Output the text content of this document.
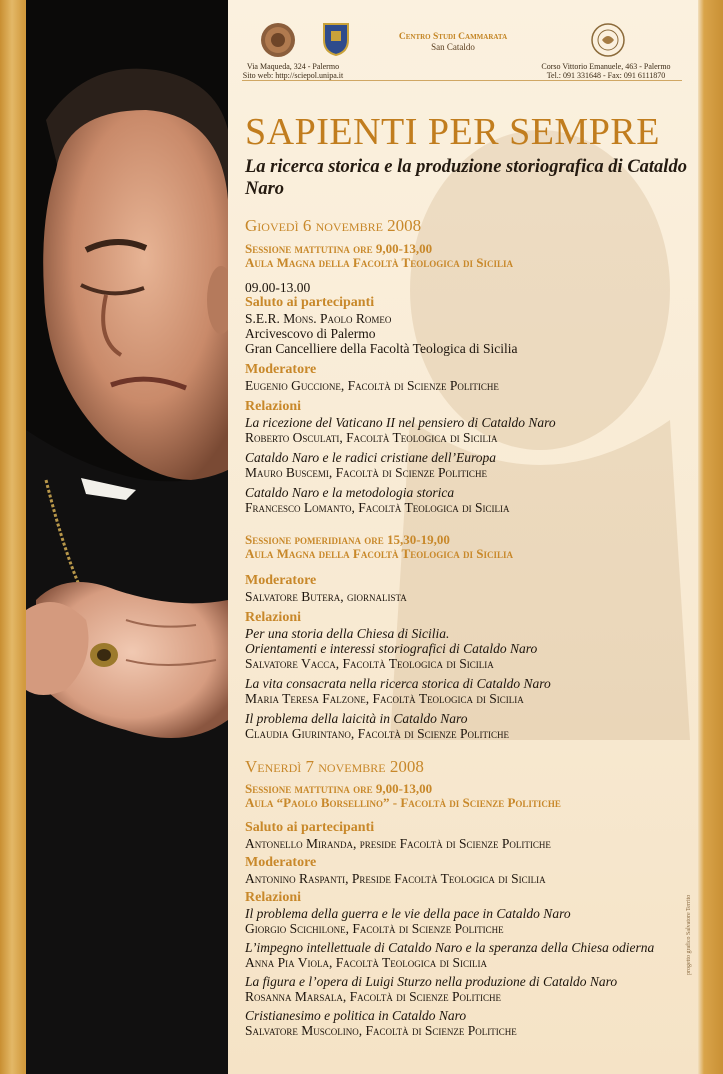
Via Maqueda, 324 - Palermo
Sito web: http://sciepol.unipa.it
Centro Studi Cammarata
San Cataldo
Corso Vittorio Emanuele, 463 - Palermo
Tel.: 091 331648 - Fax: 091 6111870
SAPIENTI PER SEMPRE
La ricerca storica e la produzione storiografica di Cataldo Naro
Giovedì 6 novembre 2008
Sessione mattutina ore 9,00-13,00
Aula Magna della Facoltà Teologica di Sicilia
09.00-13.00
Saluto ai partecipanti
S.E.R. Mons. Paolo Romeo
Arcivescovo di Palermo
Gran Cancelliere della Facoltà Teologica di Sicilia
Moderatore
Eugenio Guccione, Facoltà di Scienze Politiche
Relazioni
La ricezione del Vaticano II nel pensiero di Cataldo Naro
Roberto Osculati, Facoltà Teologica di Sicilia
Cataldo Naro e le radici cristiane dell’Europa
Mauro Buscemi, Facoltà di Scienze Politiche
Cataldo Naro e la metodologia storica
Francesco Lomanto, Facoltà Teologica di Sicilia
Sessione pomeridiana ore 15,30-19,00
Aula Magna della Facoltà Teologica di Sicilia
Moderatore
Salvatore Butera, giornalista
Relazioni
Per una storia della Chiesa di Sicilia.
Orientamenti e interessi storiografici di Cataldo Naro
Salvatore Vacca, Facoltà Teologica di Sicilia
La vita consacrata nella ricerca storica di Cataldo Naro
Maria Teresa Falzone, Facoltà Teologica di Sicilia
Il problema della laicità in Cataldo Naro
Claudia Giurintano, Facoltà di Scienze Politiche
Venerdì 7 novembre 2008
Sessione mattutina ore 9,00-13,00
Aula “Paolo Borsellino” - Facoltà di Scienze Politiche
Saluto ai partecipanti
Antonello Miranda, preside Facoltà di Scienze Politiche
Moderatore
Antonino Raspanti, Preside Facoltà Teologica di Sicilia
Relazioni
Il problema della guerra e le vie della pace in Cataldo Naro
Giorgio Scichilone, Facoltà di Scienze Politiche
L’impegno intellettuale di Cataldo Naro e la speranza della Chiesa odierna
Anna Pia Viola, Facoltà Teologica di Sicilia
La figura e l’opera di Luigi Sturzo nella produzione di Cataldo Naro
Rosanna Marsala, Facoltà di Scienze Politiche
Cristianesimo e politica in Cataldo Naro
Salvatore Muscolino, Facoltà di Scienze Politiche
progetto grafico Salvatore Territo
